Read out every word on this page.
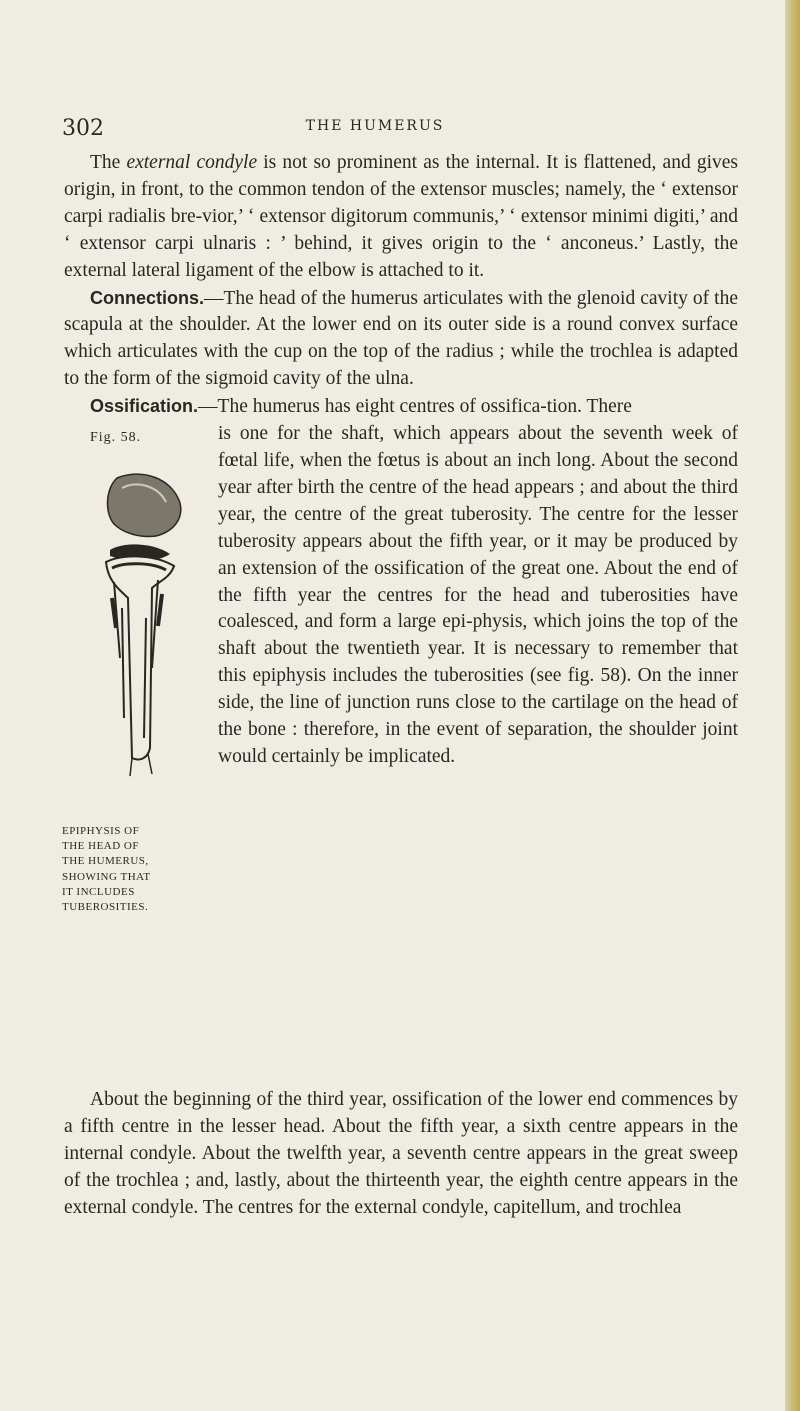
302	THE HUMERUS

The external condyle is not so prominent as the internal. It is flattened, and gives origin, in front, to the common tendon of the extensor muscles; namely, the ‘ extensor carpi radialis bre-vior,’ ‘ extensor digitorum communis,’ ‘ extensor minimi digiti,’ and ‘ extensor carpi ulnaris : ’ behind, it gives origin to the ‘ anconeus.’ Lastly, the external lateral ligament of the elbow is attached to it.

Connections.—The head of the humerus articulates with the glenoid cavity of the scapula at the shoulder. At the lower end on its outer side is a round convex surface which articulates with the cup on the top of the radius ; while the trochlea is adapted to the form of the sigmoid cavity of the ulna.

Ossification.—The humerus has eight centres of ossifica-tion. There

Fig. 58.
EPIPHYSIS OF
THE HEAD OF
THE HUMERUS,
SHOWING THAT
IT INCLUDES
TUBEROSITIES.

is one for the shaft, which appears about the seventh week of fœtal life, when the fœtus is about an inch long. About the second year after birth the centre of the head appears ; and about the third year, the centre of the great tuberosity. The centre for the lesser tuberosity appears about the fifth year, or it may be produced by an extension of the ossification of the great one. About the end of the fifth year the centres for the head and tuberosities have coalesced, and form a large epi-physis, which joins the top of the shaft about the twentieth year. It is necessary to remember that this epiphysis includes the tuberosities (see fig. 58). On the inner side, the line of junction runs close to the cartilage on the head of the bone : therefore, in the event of separation, the shoulder joint would certainly be implicated.

About the beginning of the third year, ossification of the lower end commences by a fifth centre in the lesser head. About the fifth year, a sixth centre appears in the internal condyle. About the twelfth year, a seventh centre appears in the great sweep of the trochlea ; and, lastly, about the thirteenth year, the eighth centre appears in the external condyle. The centres for the external condyle, capitellum, and trochlea
